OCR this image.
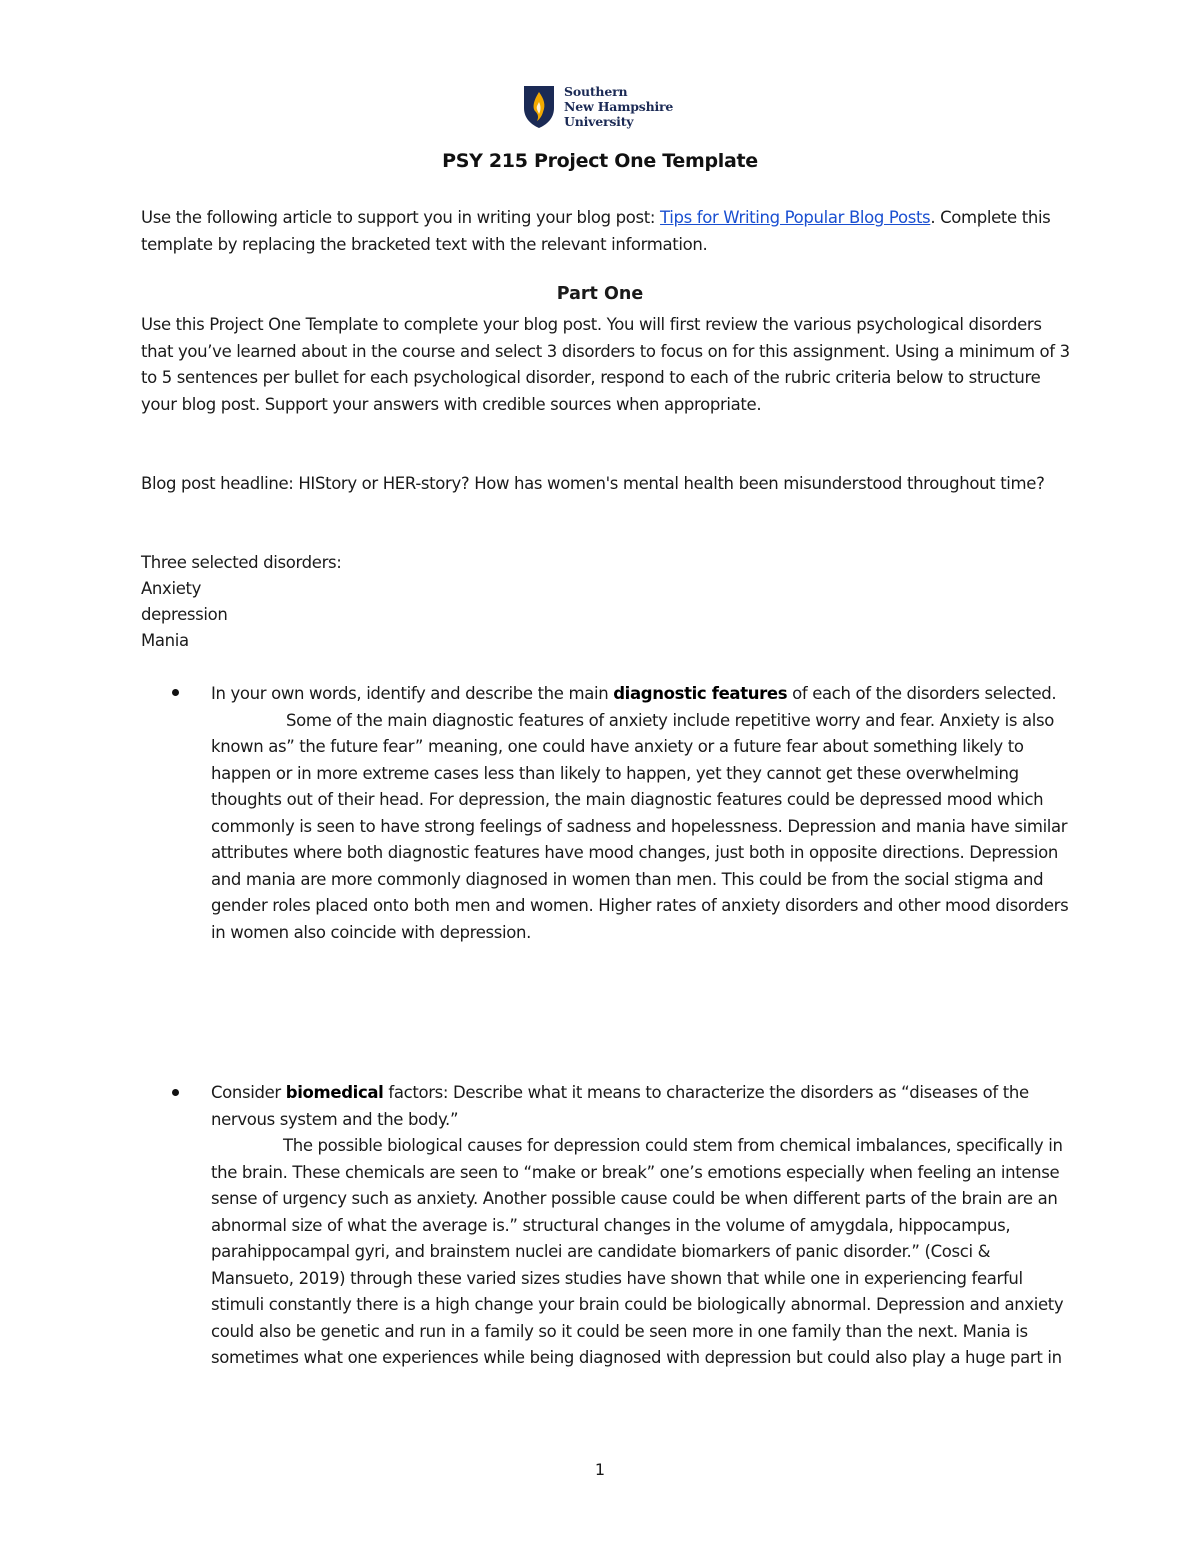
Southern
New Hampshire
University
PSY 215 Project One Template
Use the following article to support you in writing your blog post: Tips for Writing Popular Blog Posts. Complete this template by replacing the bracketed text with the relevant information.
Part One
Use this Project One Template to complete your blog post. You will first review the various psychological disorders that you’ve learned about in the course and select 3 disorders to focus on for this assignment. Using a minimum of 3 to 5 sentences per bullet for each psychological disorder, respond to each of the rubric criteria below to structure your blog post. Support your answers with credible sources when appropriate.
Blog post headline: HIStory or HER-story? How has women's mental health been misunderstood throughout time?
Three selected disorders:
Anxiety
depression
Mania
In your own words, identify and describe the main diagnostic features of each of the disorders selected.
Some of the main diagnostic features of anxiety include repetitive worry and fear. Anxiety is also known as” the future fear” meaning, one could have anxiety or a future fear about something likely to happen or in more extreme cases less than likely to happen, yet they cannot get these overwhelming thoughts out of their head. For depression, the main diagnostic features could be depressed mood which commonly is seen to have strong feelings of sadness and hopelessness. Depression and mania have similar attributes where both diagnostic features have mood changes, just both in opposite directions. Depression and mania are more commonly diagnosed in women than men. This could be from the social stigma and gender roles placed onto both men and women. Higher rates of anxiety disorders and other mood disorders in women also coincide with depression.
Consider biomedical factors: Describe what it means to characterize the disorders as “diseases of the nervous system and the body.”
The possible biological causes for depression could stem from chemical imbalances, specifically in the brain. These chemicals are seen to “make or break” one’s emotions especially when feeling an intense sense of urgency such as anxiety. Another possible cause could be when different parts of the brain are an abnormal size of what the average is.” structural changes in the volume of amygdala, hippocampus, parahippocampal gyri, and brainstem nuclei are candidate biomarkers of panic disorder.” (Cosci & Mansueto, 2019) through these varied sizes studies have shown that while one in experiencing fearful stimuli constantly there is a high change your brain could be biologically abnormal. Depression and anxiety could also be genetic and run in a family so it could be seen more in one family than the next. Mania is sometimes what one experiences while being diagnosed with depression but could also play a huge part in
1
